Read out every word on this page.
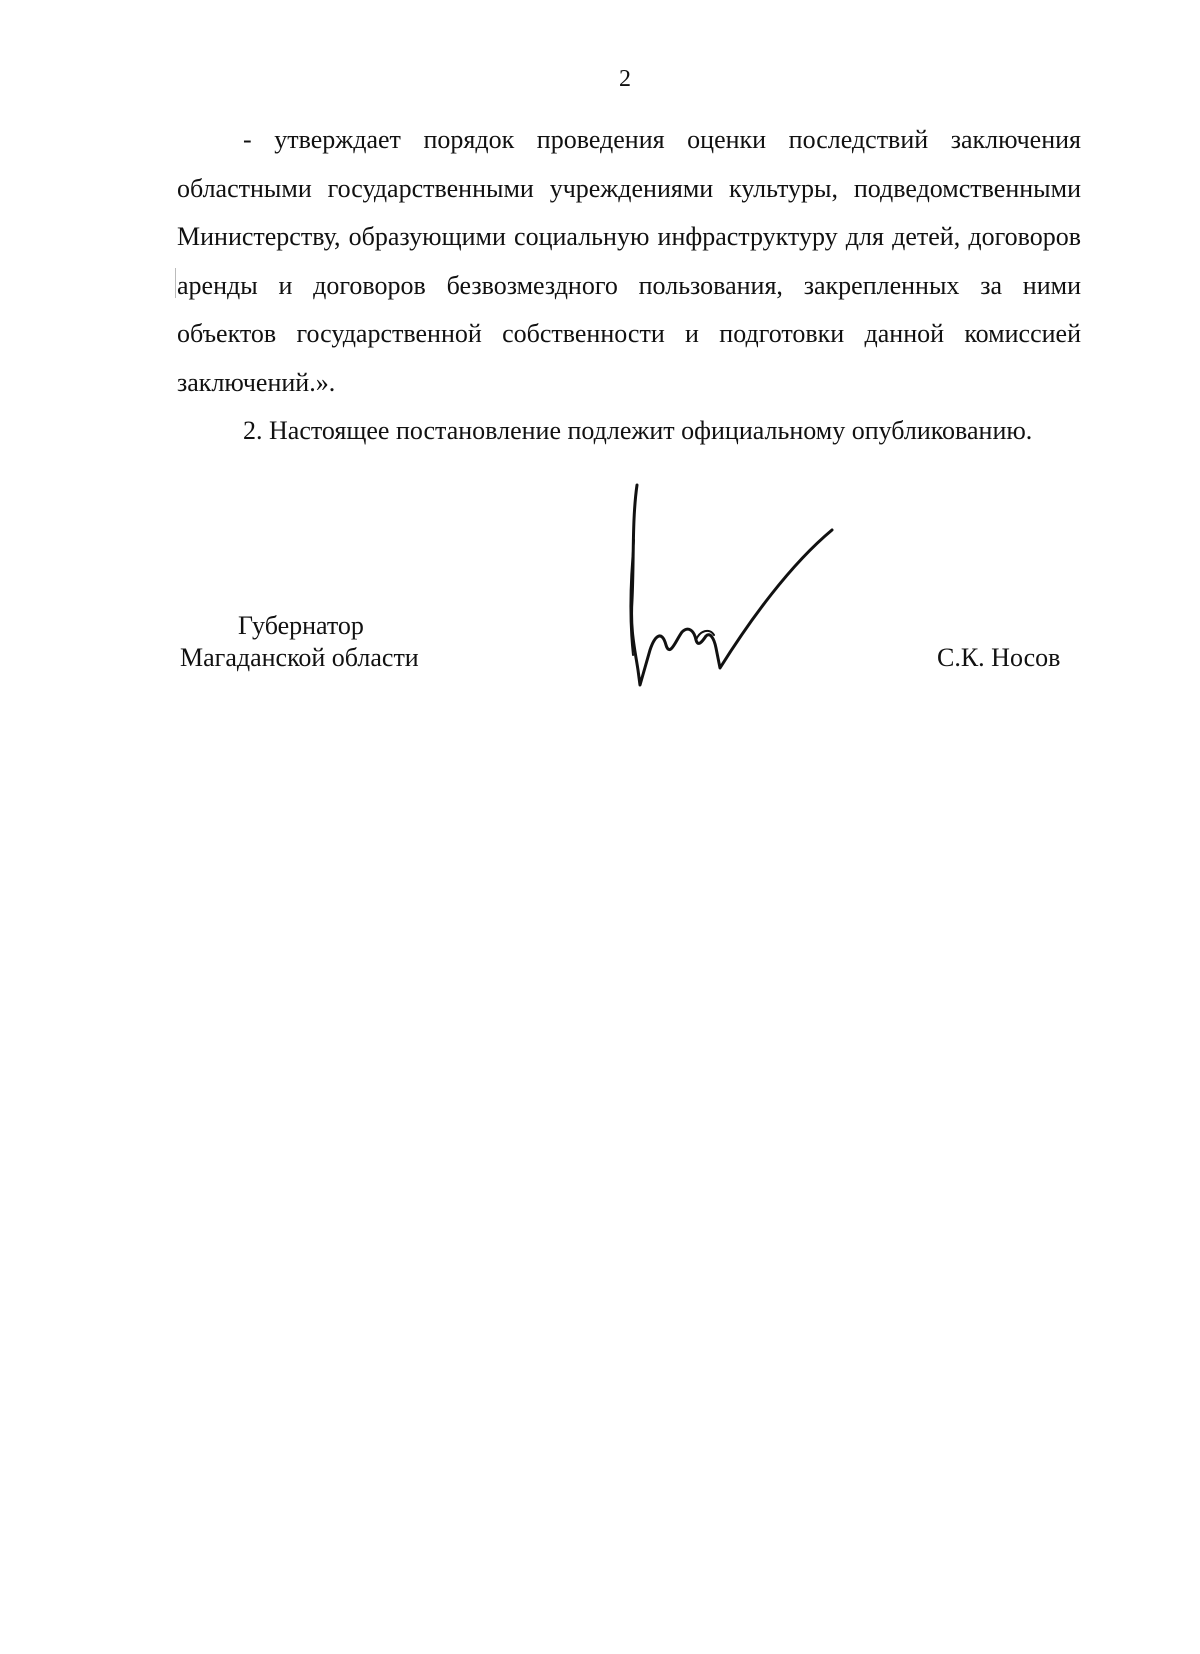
2

- утверждает порядок проведения оценки последствий заключения областными государственными учреждениями культуры, подведомственными Министерству, образующими социальную инфраструктуру для детей, договоров аренды и договоров безвозмездного пользования, закрепленных за ними объектов государственной собственности и подготовки данной комиссией заключений.».

2. Настоящее постановление подлежит официальному опубликованию.

Губернатор
Магаданской области	С.К. Носов
